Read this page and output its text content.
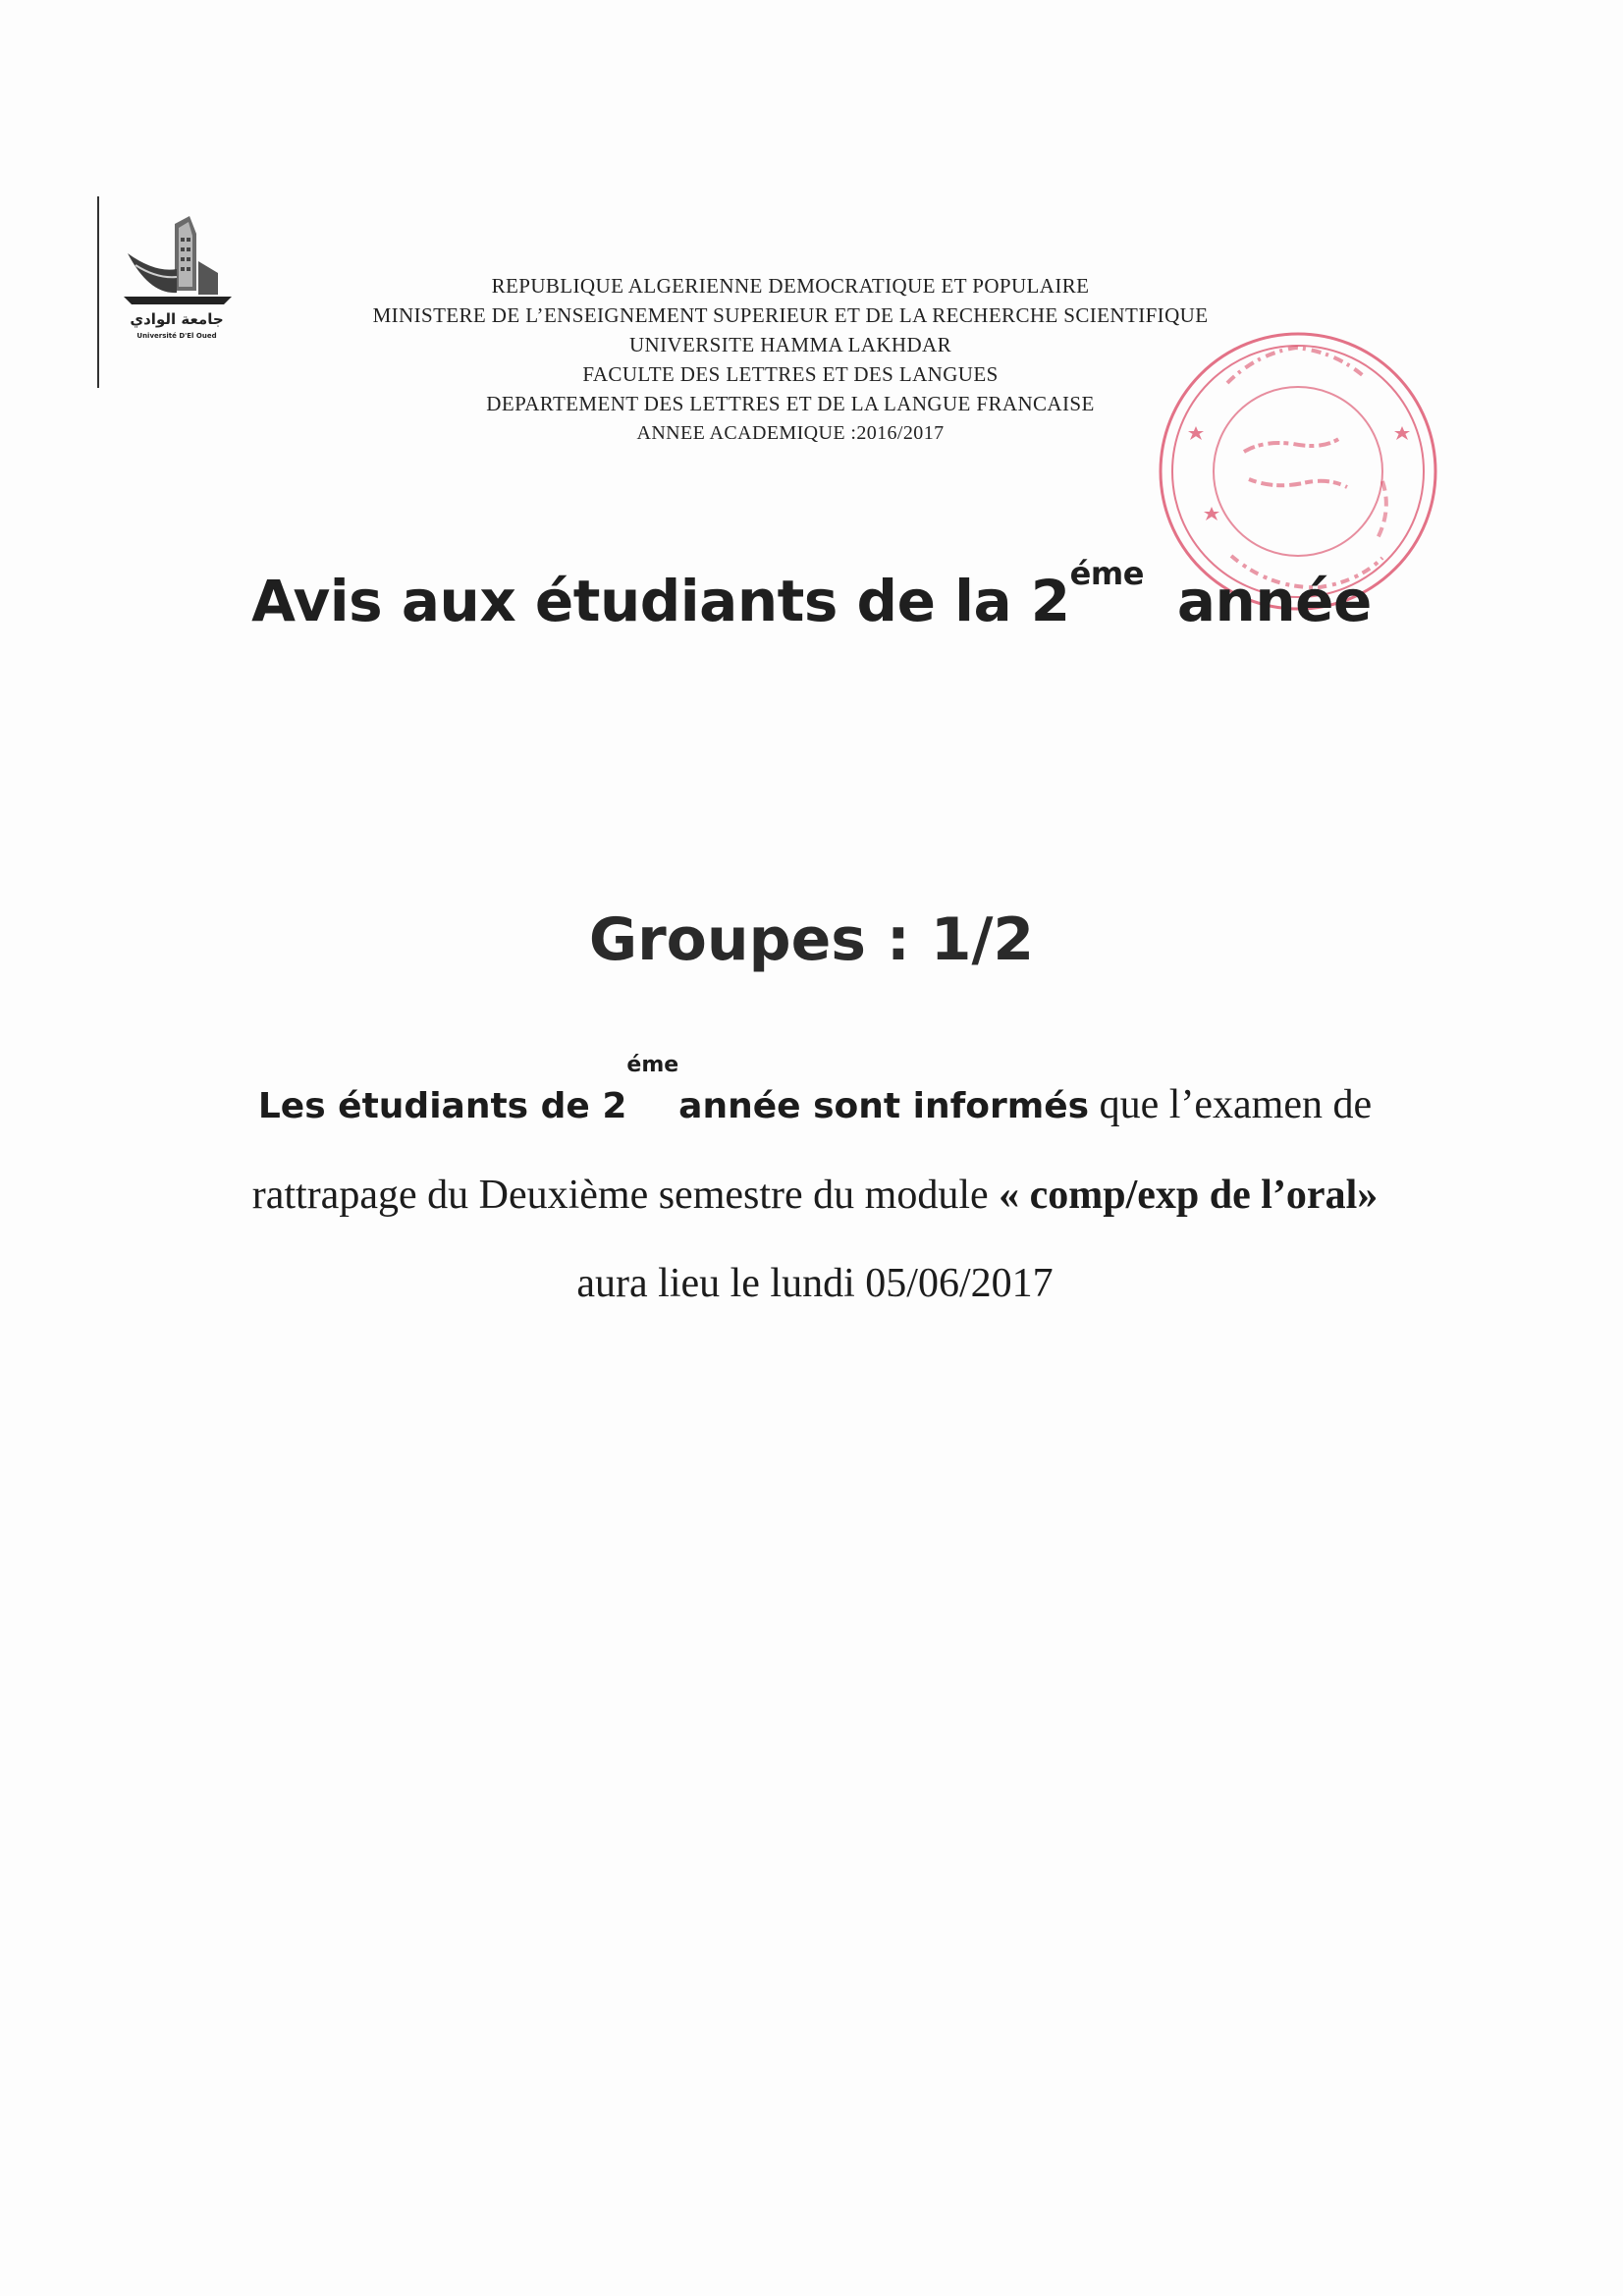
جامعة الوادي
Université D'El Oued
REPUBLIQUE ALGERIENNE DEMOCRATIQUE ET POPULAIRE
MINISTERE DE L’ENSEIGNEMENT SUPERIEUR ET DE LA RECHERCHE SCIENTIFIQUE
UNIVERSITE HAMMA LAKHDAR
FACULTE DES LETTRES ET DES LANGUES
DEPARTEMENT DES LETTRES ET DE LA LANGUE FRANCAISE
ANNEE ACADEMIQUE :2016/2017
Avis aux étudiants de la $2^{éme}$ année
Groupes : 1/2
Les étudiants de $2^{éme}année$ sont informés que l’examen de
rattrapage du Deuxième semestre du module « comp/exp de l’oral»
aura lieu le lundi 05/06/2017
